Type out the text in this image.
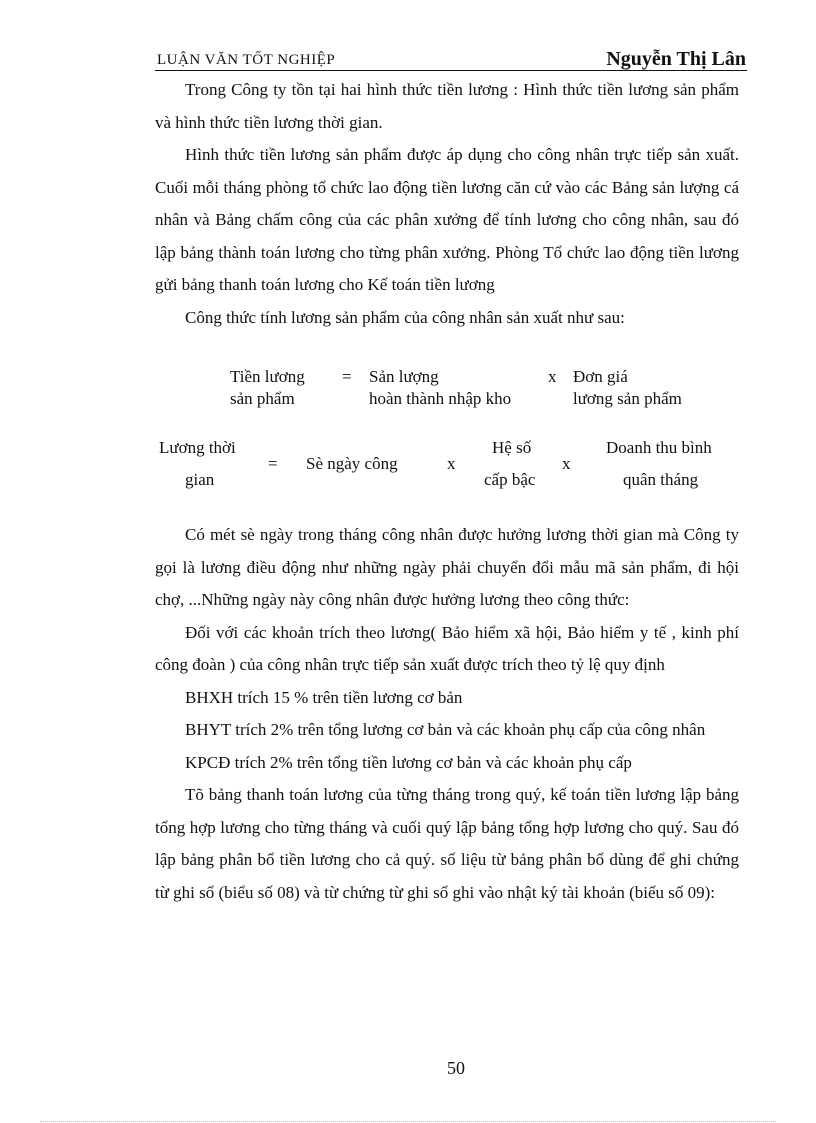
LUẬN VĂN TỐT NGHIỆP	Nguyễn Thị Lân

Trong Công ty tồn tại hai hình thức tiền lương : Hình thức tiền lương sản phẩm và hình thức tiền lương thời gian.

Hình thức tiền lương sản phẩm được áp dụng cho công nhân trực tiếp sản xuất. Cuối mỗi tháng phòng tổ chức lao động tiền lương căn cứ vào các Bảng sản lượng cá nhân và Bảng chấm công của các phân xưởng để tính lương cho công nhân, sau đó lập bảng thành toán lương cho từng phân xưởng. Phòng Tổ chức lao động tiền lương gửi bảng thanh toán lương cho Kế toán tiền lương

Công thức tính lương sản phẩm của công nhân sản xuất như sau:

Tiền lương
sản phẩm
= Sản lượng
hoàn thành nhập kho
x Đơn giá
lương sản phẩm
Lương thời
gian
= Sè ngày công	x
Hệ số
cấp bậc
x
Doanh thu bình
quân tháng

Có mét sè ngày trong tháng công nhân được hưởng lương thời gian mà Công ty gọi là lương điều động như những ngày phải chuyển đổi mẫu mã sản phẩm, đi hội chợ, ...Những ngày này công nhân được hưởng lương theo công thức:

Đối với các khoản trích theo lương( Bảo hiểm xã hội, Bảo hiểm y tế , kinh phí công đoàn ) của công nhân trực tiếp sản xuất được trích theo tỷ lệ quy định

BHXH trích 15 % trên tiền lương cơ bản

BHYT trích 2% trên tổng lương cơ bản và các khoản phụ cấp của công nhân

KPCĐ trích 2% trên tổng tiền lương cơ bản và các khoản phụ cấp

Tõ bảng thanh toán lương của từng tháng trong quý, kế toán tiền lương lập bảng tổng hợp lương cho từng tháng và cuối quý lập bảng tổng hợp lương cho quý. Sau đó lập bảng phân bổ tiền lương cho cả quý. số liệu từ bảng phân bổ dùng để ghi chứng từ ghi sổ (biểu số 08) và từ chứng từ ghi sổ ghi vào nhật ký tài khoản (biểu số 09):

50
